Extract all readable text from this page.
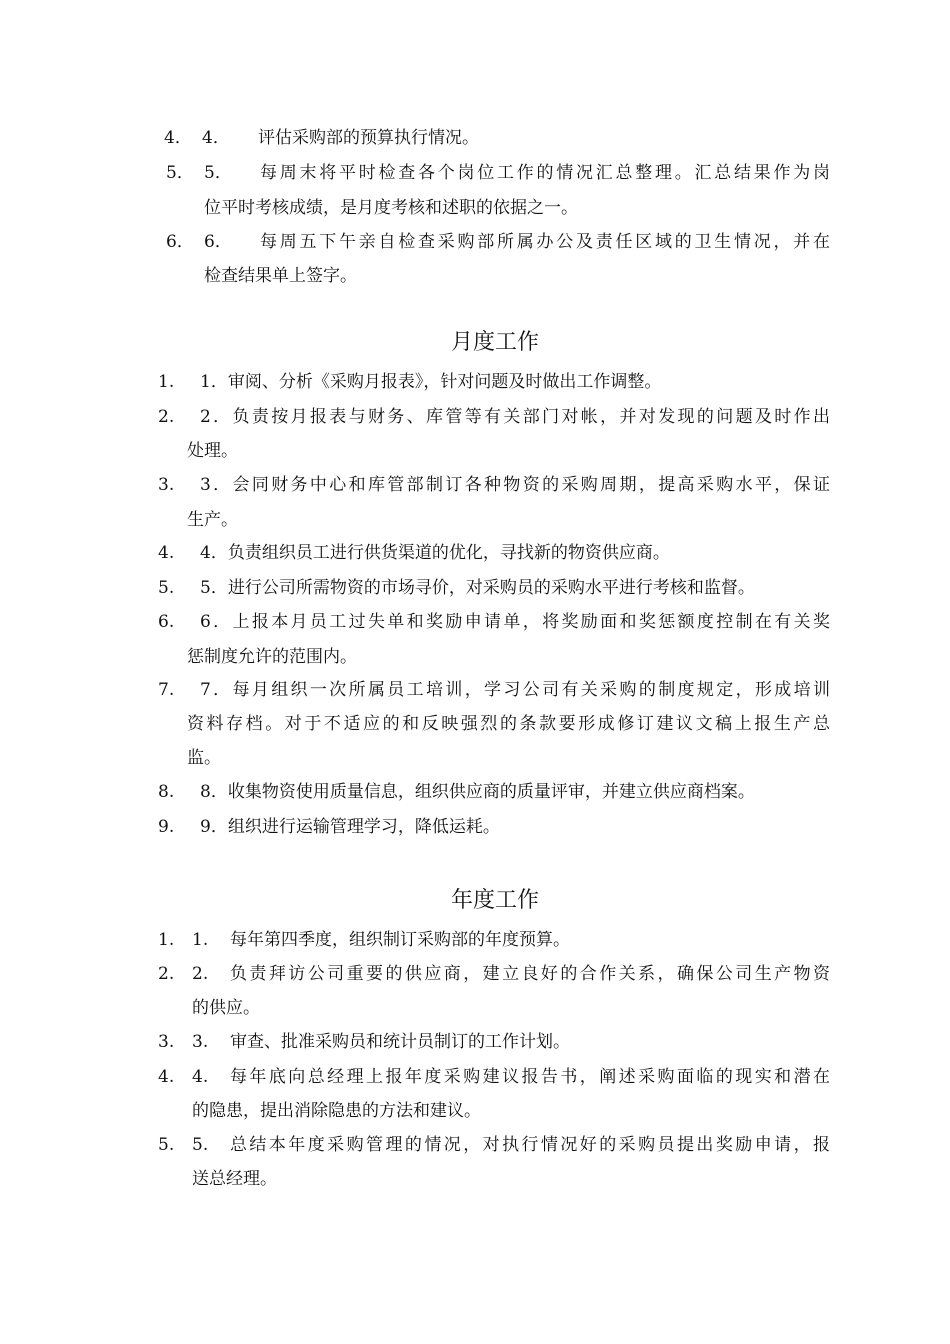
4． 4． 评估采购部的预算执行情况。
5． 5． 每周末将平时检查各个岗位工作的情况汇总整理。汇总结果作为岗
位平时考核成绩，是月度考核和述职的依据之一。
6． 6． 每周五下午亲自检查采购部所属办公及责任区域的卫生情况，并在
检查结果单上签字。
月度工作
1. 1．审阅、分析《采购月报表》，针对问题及时做出工作调整。
2. 2．负责按月报表与财务、库管等有关部门对帐，并对发现的问题及时作出
处理。
3. 3．会同财务中心和库管部制订各种物资的采购周期，提高采购水平，保证
生产。
4. 4．负责组织员工进行供货渠道的优化，寻找新的物资供应商。
5. 5．进行公司所需物资的市场寻价，对采购员的采购水平进行考核和监督。
6. 6．上报本月员工过失单和奖励申请单，将奖励面和奖惩额度控制在有关奖
惩制度允许的范围内。
7. 7．每月组织一次所属员工培训，学习公司有关采购的制度规定，形成培训
资料存档。对于不适应的和反映强烈的条款要形成修订建议文稿上报生产总
监。
8. 8．收集物资使用质量信息，组织供应商的质量评审，并建立供应商档案。
9. 9．组织进行运输管理学习，降低运耗。
年度工作
1. 1. 每年第四季度，组织制订采购部的年度预算。
2. 2. 负责拜访公司重要的供应商，建立良好的合作关系，确保公司生产物资
的供应。
3. 3. 审查、批准采购员和统计员制订的工作计划。
4. 4. 每年底向总经理上报年度采购建议报告书，阐述采购面临的现实和潜在
的隐患，提出消除隐患的方法和建议。
5. 5. 总结本年度采购管理的情况，对执行情况好的采购员提出奖励申请，报
送总经理。
